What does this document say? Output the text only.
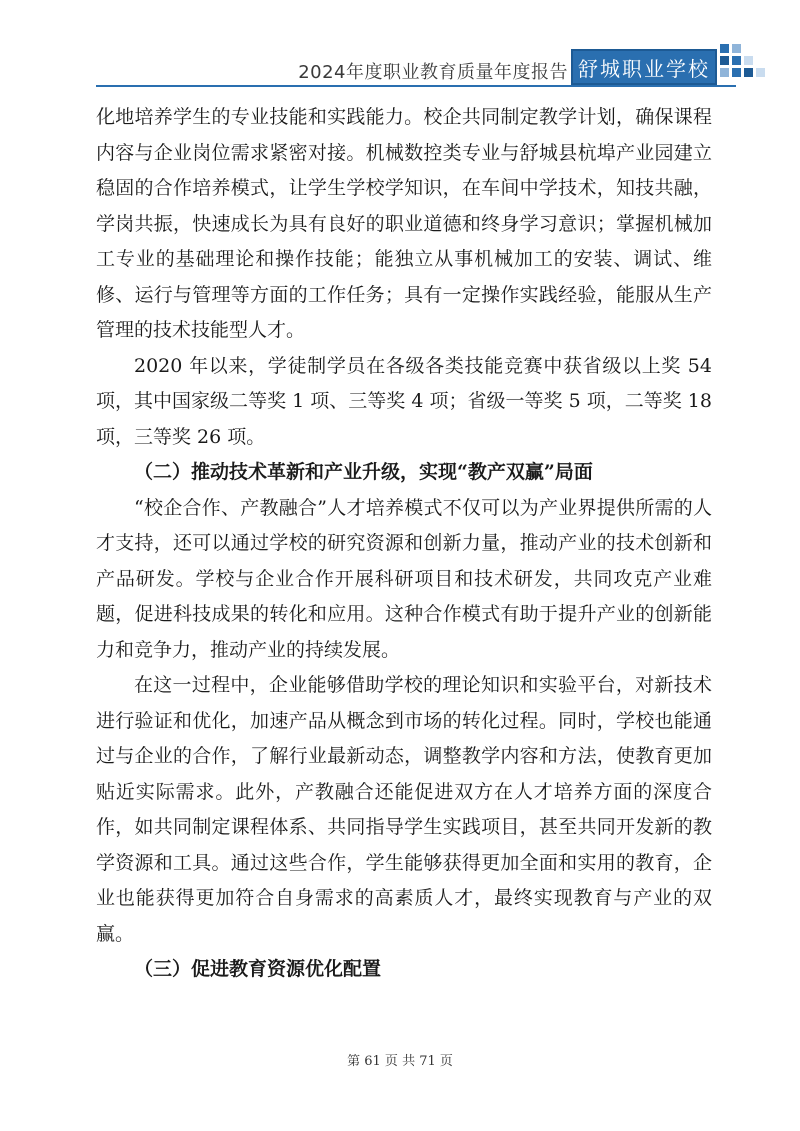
2024年度职业教育质量年度报告 舒城职业学校

化地培养学生的专业技能和实践能力。校企共同制定教学计划，确保课程内容与企业岗位需求紧密对接。机械数控类专业与舒城县杭埠产业园建立稳固的合作培养模式，让学生学校学知识，在车间中学技术，知技共融，学岗共振，快速成长为具有良好的职业道德和终身学习意识；掌握机械加工专业的基础理论和操作技能；能独立从事机械加工的安装、调试、维修、运行与管理等方面的工作任务；具有一定操作实践经验，能服从生产管理的技术技能型人才。

2020 年以来，学徒制学员在各级各类技能竞赛中获省级以上奖 54 项，其中国家级二等奖 1 项、三等奖 4 项；省级一等奖 5 项，二等奖 18 项，三等奖 26 项。

（二）推动技术革新和产业升级，实现“教产双赢”局面

“校企合作、产教融合”人才培养模式不仅可以为产业界提供所需的人才支持，还可以通过学校的研究资源和创新力量，推动产业的技术创新和产品研发。学校与企业合作开展科研项目和技术研发，共同攻克产业难题，促进科技成果的转化和应用。这种合作模式有助于提升产业的创新能力和竞争力，推动产业的持续发展。

在这一过程中，企业能够借助学校的理论知识和实验平台，对新技术进行验证和优化，加速产品从概念到市场的转化过程。同时，学校也能通过与企业的合作，了解行业最新动态，调整教学内容和方法，使教育更加贴近实际需求。此外，产教融合还能促进双方在人才培养方面的深度合作，如共同制定课程体系、共同指导学生实践项目，甚至共同开发新的教学资源和工具。通过这些合作，学生能够获得更加全面和实用的教育，企业也能获得更加符合自身需求的高素质人才，最终实现教育与产业的双赢。

（三）促进教育资源优化配置

第 61 页 共 71 页
